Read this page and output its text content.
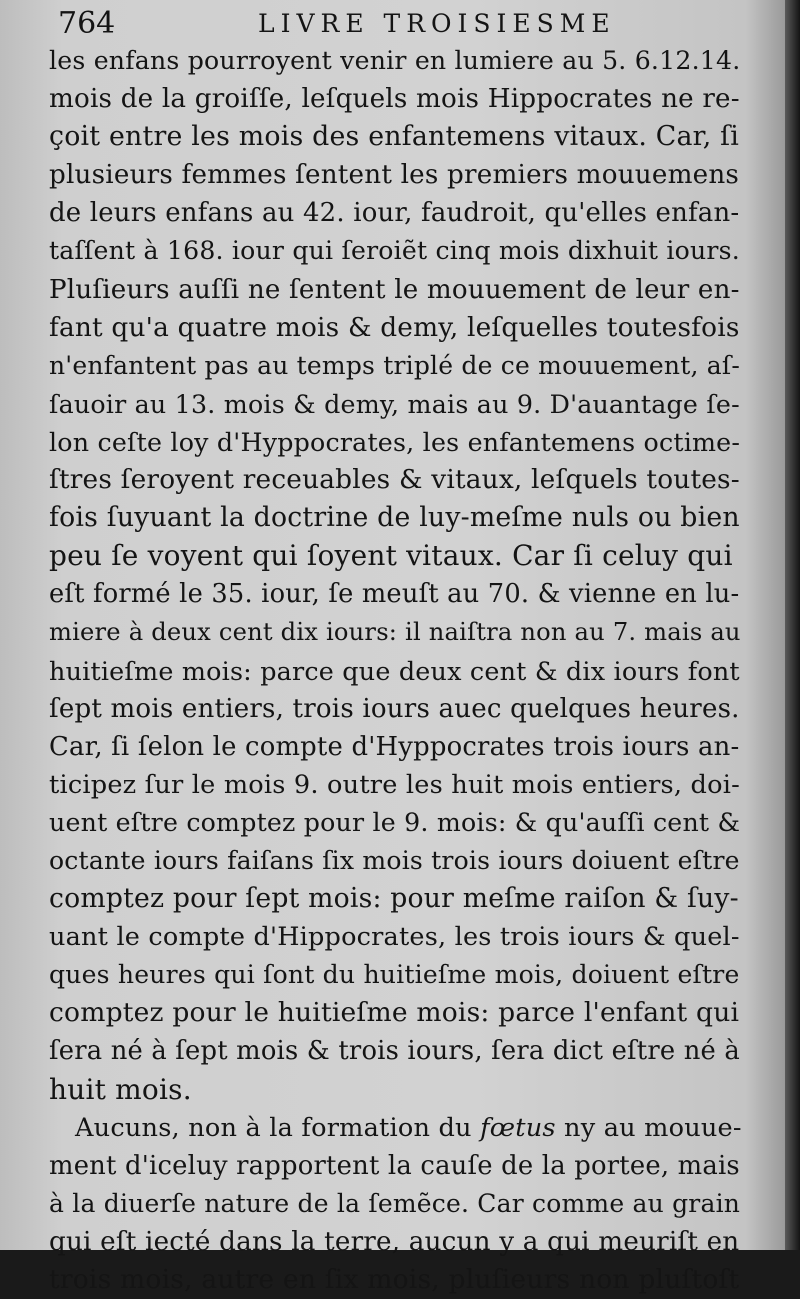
764	LIVRE TROISIESME
les enfans pourroyent venir en lumiere au 5. 6.12.14.
mois de la groiſſe, leſquels mois Hippocrates ne re-
çoit entre les mois des enfantemens vitaux. Car, ſi
plusieurs femmes ſentent les premiers mouuemens
de leurs enfans au 42. iour, faudroit, qu'elles enfan-
taſſent à 168. iour qui ſeroiẽt cinq mois dixhuit iours.
Pluſieurs auſſi ne ſentent le mouuement de leur en-
fant qu'a quatre mois & demy, leſquelles toutesfois
n'enfantent pas au temps triplé de ce mouuement, aſ-
ſauoir au 13. mois & demy, mais au 9. D'auantage ſe-
lon ceſte loy d'Hyppocrates, les enfantemens octime-
ſtres ſeroyent receuables & vitaux, leſquels toutes-
fois ſuyuant la doctrine de luy-meſme nuls ou bien
peu ſe voyent qui ſoyent vitaux. Car ſi celuy qui
eſt formé le 35. iour, ſe meuſt au 70. & vienne en lu-
miere à deux cent dix iours: il naiſtra non au 7. mais au
huitieſme mois: parce que deux cent & dix iours font
ſept mois entiers, trois iours auec quelques heures.
Car, ſi ſelon le compte d'Hyppocrates trois iours an-
ticipez ſur le mois 9. outre les huit mois entiers, doi-
uent eſtre comptez pour le 9. mois: & qu'auſſi cent &
octante iours faiſans ſix mois trois iours doiuent eſtre
comptez pour ſept mois: pour meſme raiſon & ſuy-
uant le compte d'Hippocrates, les trois iours & quel-
ques heures qui ſont du huitieſme mois, doiuent eſtre
comptez pour le huitieſme mois: parce l'enfant qui
ſera né à ſept mois & trois iours, ſera dict eſtre né à
huit mois.
Aucuns, non à la formation du fœtus ny au mouue-
ment d'iceluy rapportent la cauſe de la portee, mais
à la diuerſe nature de la ſemẽce. Car comme au grain
qui eſt iecté dans la terre, aucun y a qui meuriſt en
trois mois, autre en ſix mois, pluſieurs non pluſtoſt
